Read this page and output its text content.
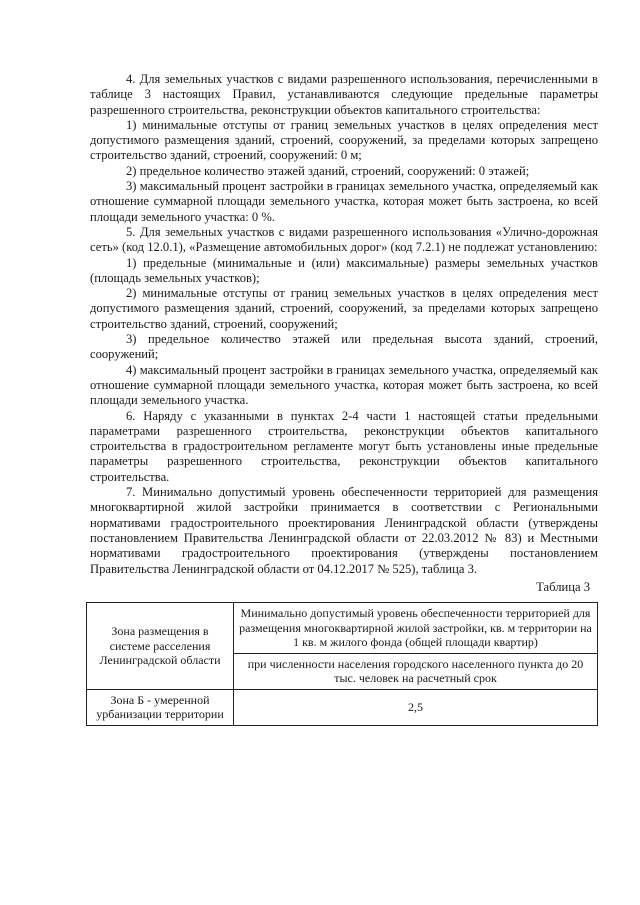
4. Для земельных участков с видами разрешенного использования, перечисленными в таблице 3 настоящих Правил, устанавливаются следующие предельные параметры разрешенного строительства, реконструкции объектов капитального строительства:

1) минимальные отступы от границ земельных участков в целях определения мест допустимого размещения зданий, строений, сооружений, за пределами которых запрещено строительство зданий, строений, сооружений: 0 м;

2) предельное количество этажей зданий, строений, сооружений: 0 этажей;

3) максимальный процент застройки в границах земельного участка, определяемый как отношение суммарной площади земельного участка, которая может быть застроена, ко всей площади земельного участка: 0 %.

5. Для земельных участков с видами разрешенного использования «Улично-дорожная сеть» (код 12.0.1), «Размещение автомобильных дорог» (код 7.2.1) не подлежат установлению:

1) предельные (минимальные и (или) максимальные) размеры земельных участков (площадь земельных участков);

2) минимальные отступы от границ земельных участков в целях определения мест допустимого размещения зданий, строений, сооружений, за пределами которых запрещено строительство зданий, строений, сооружений;

3) предельное количество этажей или предельная высота зданий, строений, сооружений;

4) максимальный процент застройки в границах земельного участка, определяемый как отношение суммарной площади земельного участка, которая может быть застроена, ко всей площади земельного участка.

6. Наряду с указанными в пунктах 2-4 части 1 настоящей статьи предельными параметрами разрешенного строительства, реконструкции объектов капитального строительства в градостроительном регламенте могут быть установлены иные предельные параметры разрешенного строительства, реконструкции объектов капитального строительства.

7. Минимально допустимый уровень обеспеченности территорией для размещения многоквартирной жилой застройки принимается в соответствии с Региональными нормативами градостроительного проектирования Ленинградской области (утверждены постановлением Правительства Ленинградской области от 22.03.2012 № 83) и Местными нормативами градостроительного проектирования (утверждены постановлением Правительства Ленинградской области от 04.12.2017 № 525), таблица 3.

Таблица 3
Зона размещения в системе расселения Ленинградской области	Минимально допустимый уровень обеспеченности территорией для размещения многоквартирной жилой застройки, кв. м территории на 1 кв. м жилого фонда (общей площади квартир)
	при численности населения городского населенного пункта до 20 тыс. человек на расчетный срок
Зона Б - умеренной урбанизации территории	2,5
